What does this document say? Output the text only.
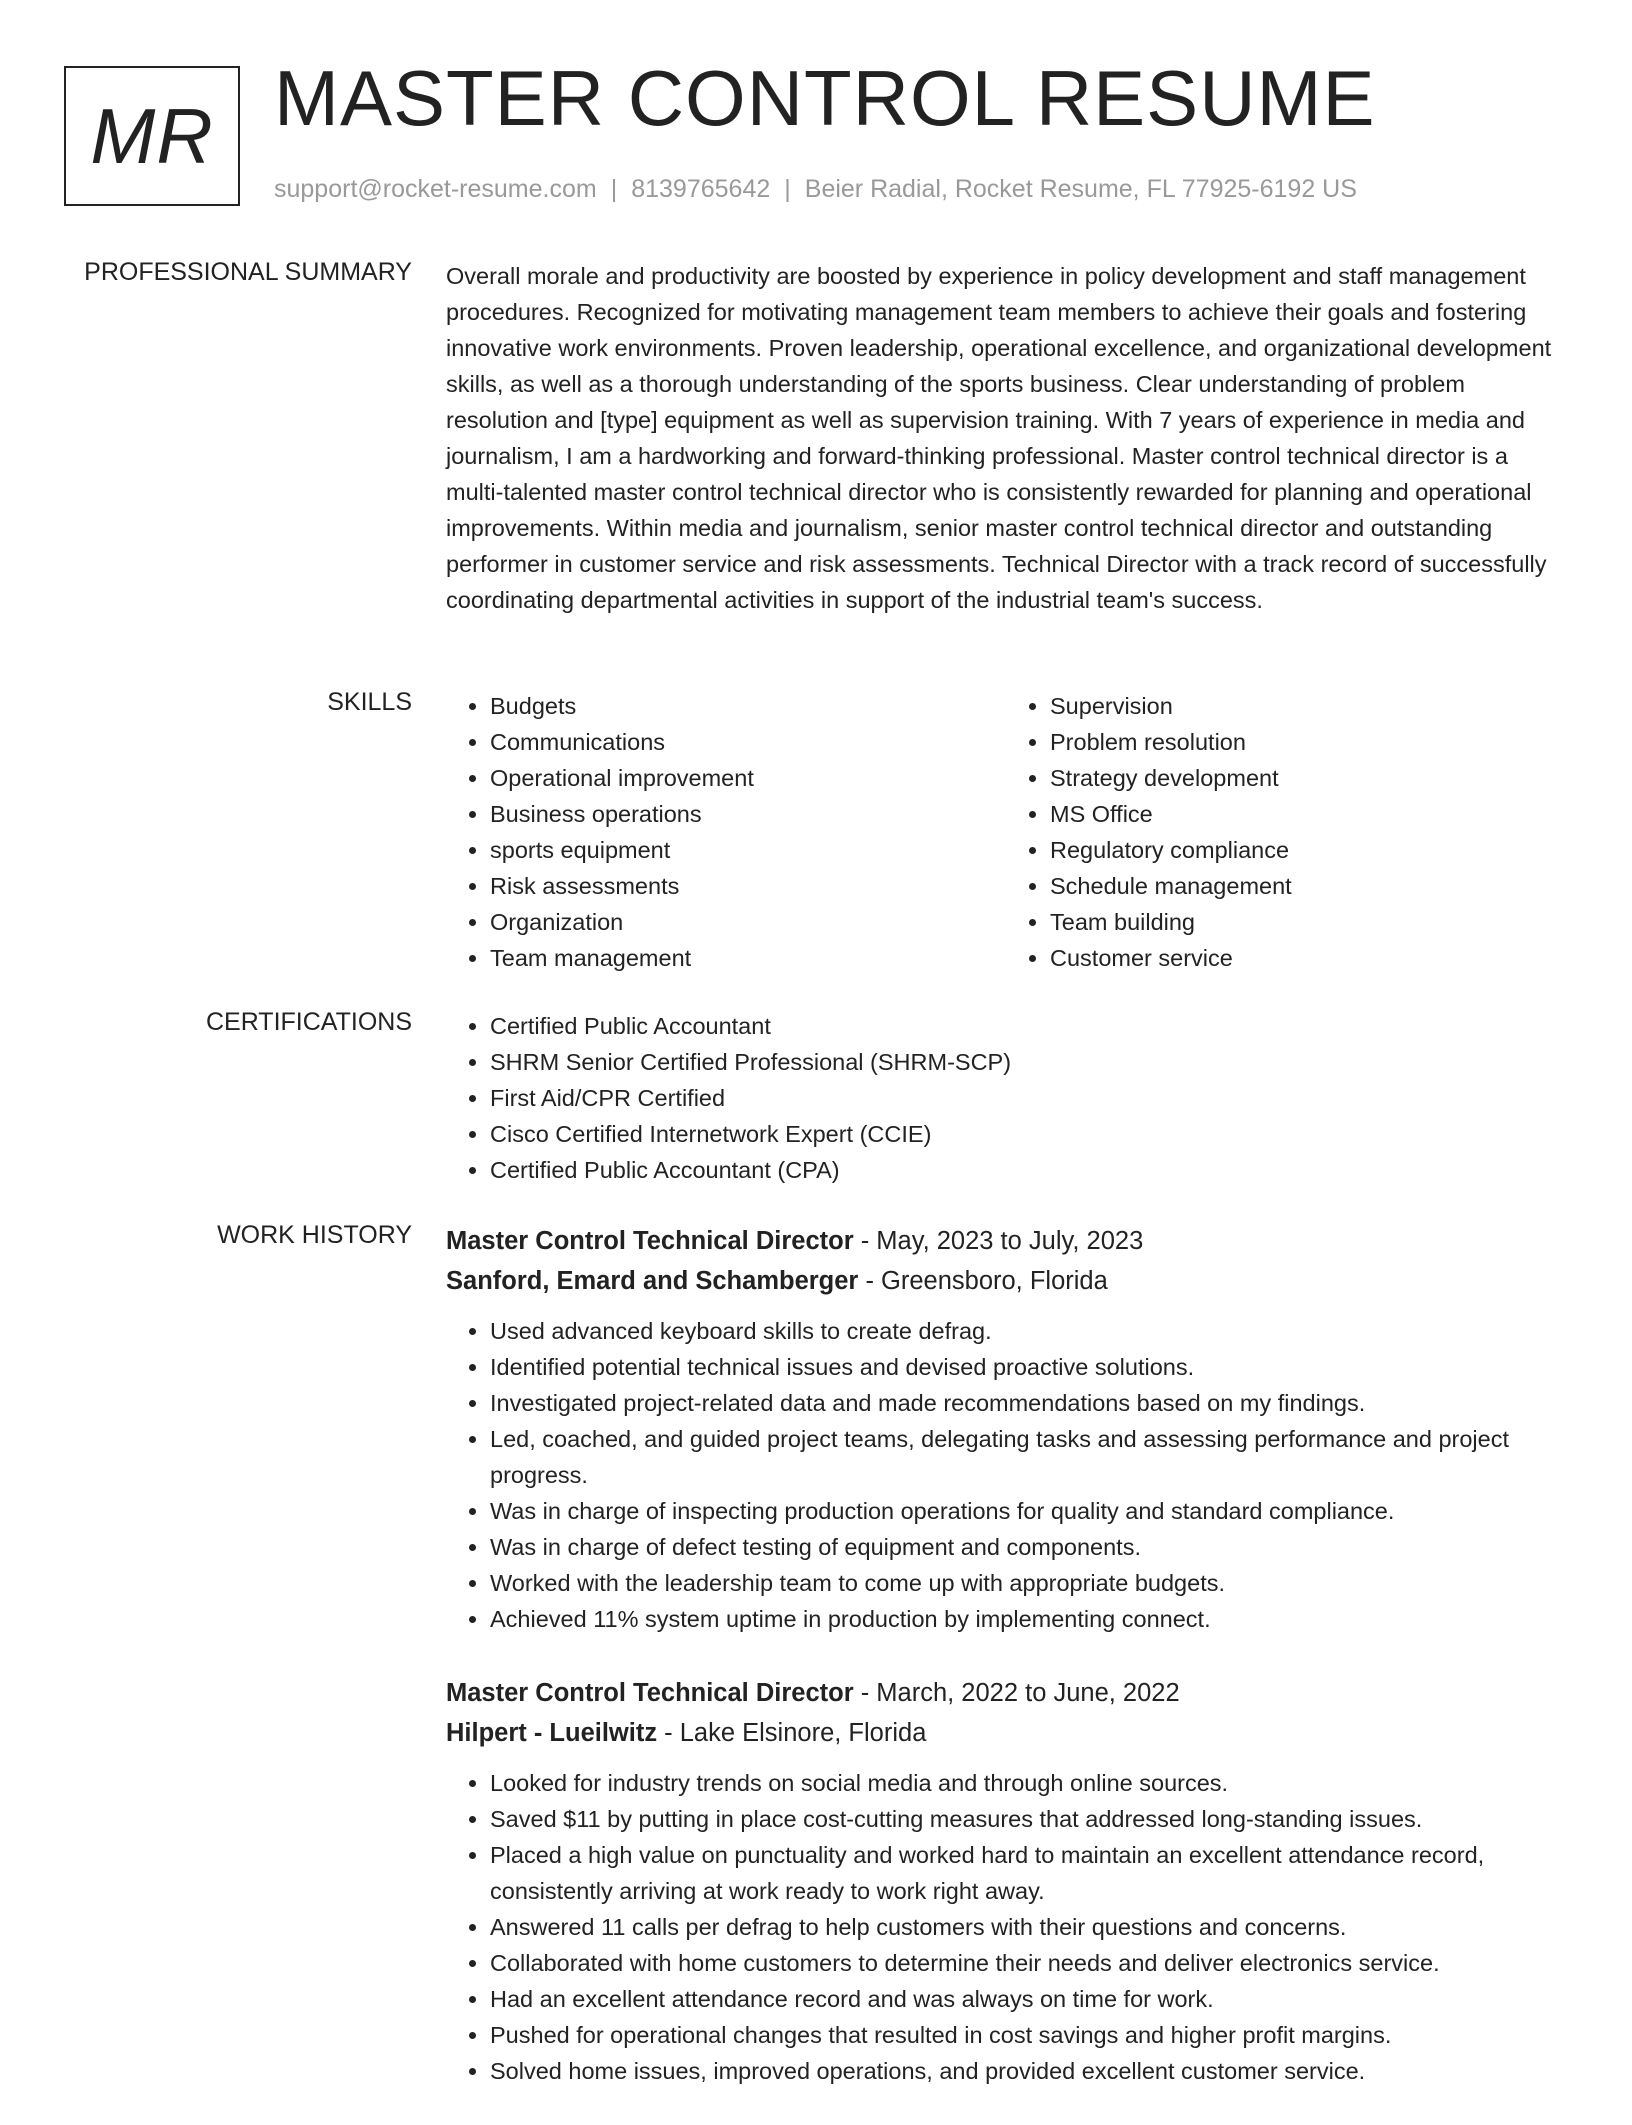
MR MASTER CONTROL RESUME
support@rocket-resume.com | 8139765642 | Beier Radial, Rocket Resume, FL 77925-6192 US
PROFESSIONAL SUMMARY Overall morale and productivity are boosted by experience in policy development and staff management procedures. Recognized for motivating management team members to achieve their goals and fostering innovative work environments. Proven leadership, operational excellence, and organizational development skills, as well as a thorough understanding of the sports business. Clear understanding of problem resolution and [type] equipment as well as supervision training. With 7 years of experience in media and journalism, I am a hardworking and forward-thinking professional. Master control technical director is a multi-talented master control technical director who is consistently rewarded for planning and operational improvements. Within media and journalism, senior master control technical director and outstanding performer in customer service and risk assessments. Technical Director with a track record of successfully coordinating departmental activities in support of the industrial team's success.

SKILLS	• Budgets
• Communications
• Operational improvement
• Business operations
• sports equipment
• Risk assessments
• Organization
• Team management
• Supervision
• Problem resolution
• Strategy development
• MS Office
• Regulatory compliance
• Schedule management
• Team building
• Customer service
CERTIFICATIONS	• Certified Public Accountant
• SHRM Senior Certified Professional (SHRM-SCP)
• First Aid/CPR Certified
• Cisco Certified Internetwork Expert (CCIE)
• Certified Public Accountant (CPA)
WORK HISTORY Master Control Technical Director - May, 2023 to July, 2023
Sanford, Emard and Schamberger - Greensboro, Florida
• Used advanced keyboard skills to create defrag.
• Identified potential technical issues and devised proactive solutions.
• Investigated project-related data and made recommendations based on my findings.
• Led, coached, and guided project teams, delegating tasks and assessing performance and project progress.
• Was in charge of inspecting production operations for quality and standard compliance.
• Was in charge of defect testing of equipment and components.
• Worked with the leadership team to come up with appropriate budgets.
• Achieved 11% system uptime in production by implementing connect.
Master Control Technical Director - March, 2022 to June, 2022
Hilpert - Lueilwitz - Lake Elsinore, Florida
• Looked for industry trends on social media and through online sources.
• Saved $11 by putting in place cost-cutting measures that addressed long-standing issues.
• Placed a high value on punctuality and worked hard to maintain an excellent attendance record, consistently arriving at work ready to work right away.
• Answered 11 calls per defrag to help customers with their questions and concerns.
• Collaborated with home customers to determine their needs and deliver electronics service.
• Had an excellent attendance record and was always on time for work.
• Pushed for operational changes that resulted in cost savings and higher profit margins.
• Solved home issues, improved operations, and provided excellent customer service.
